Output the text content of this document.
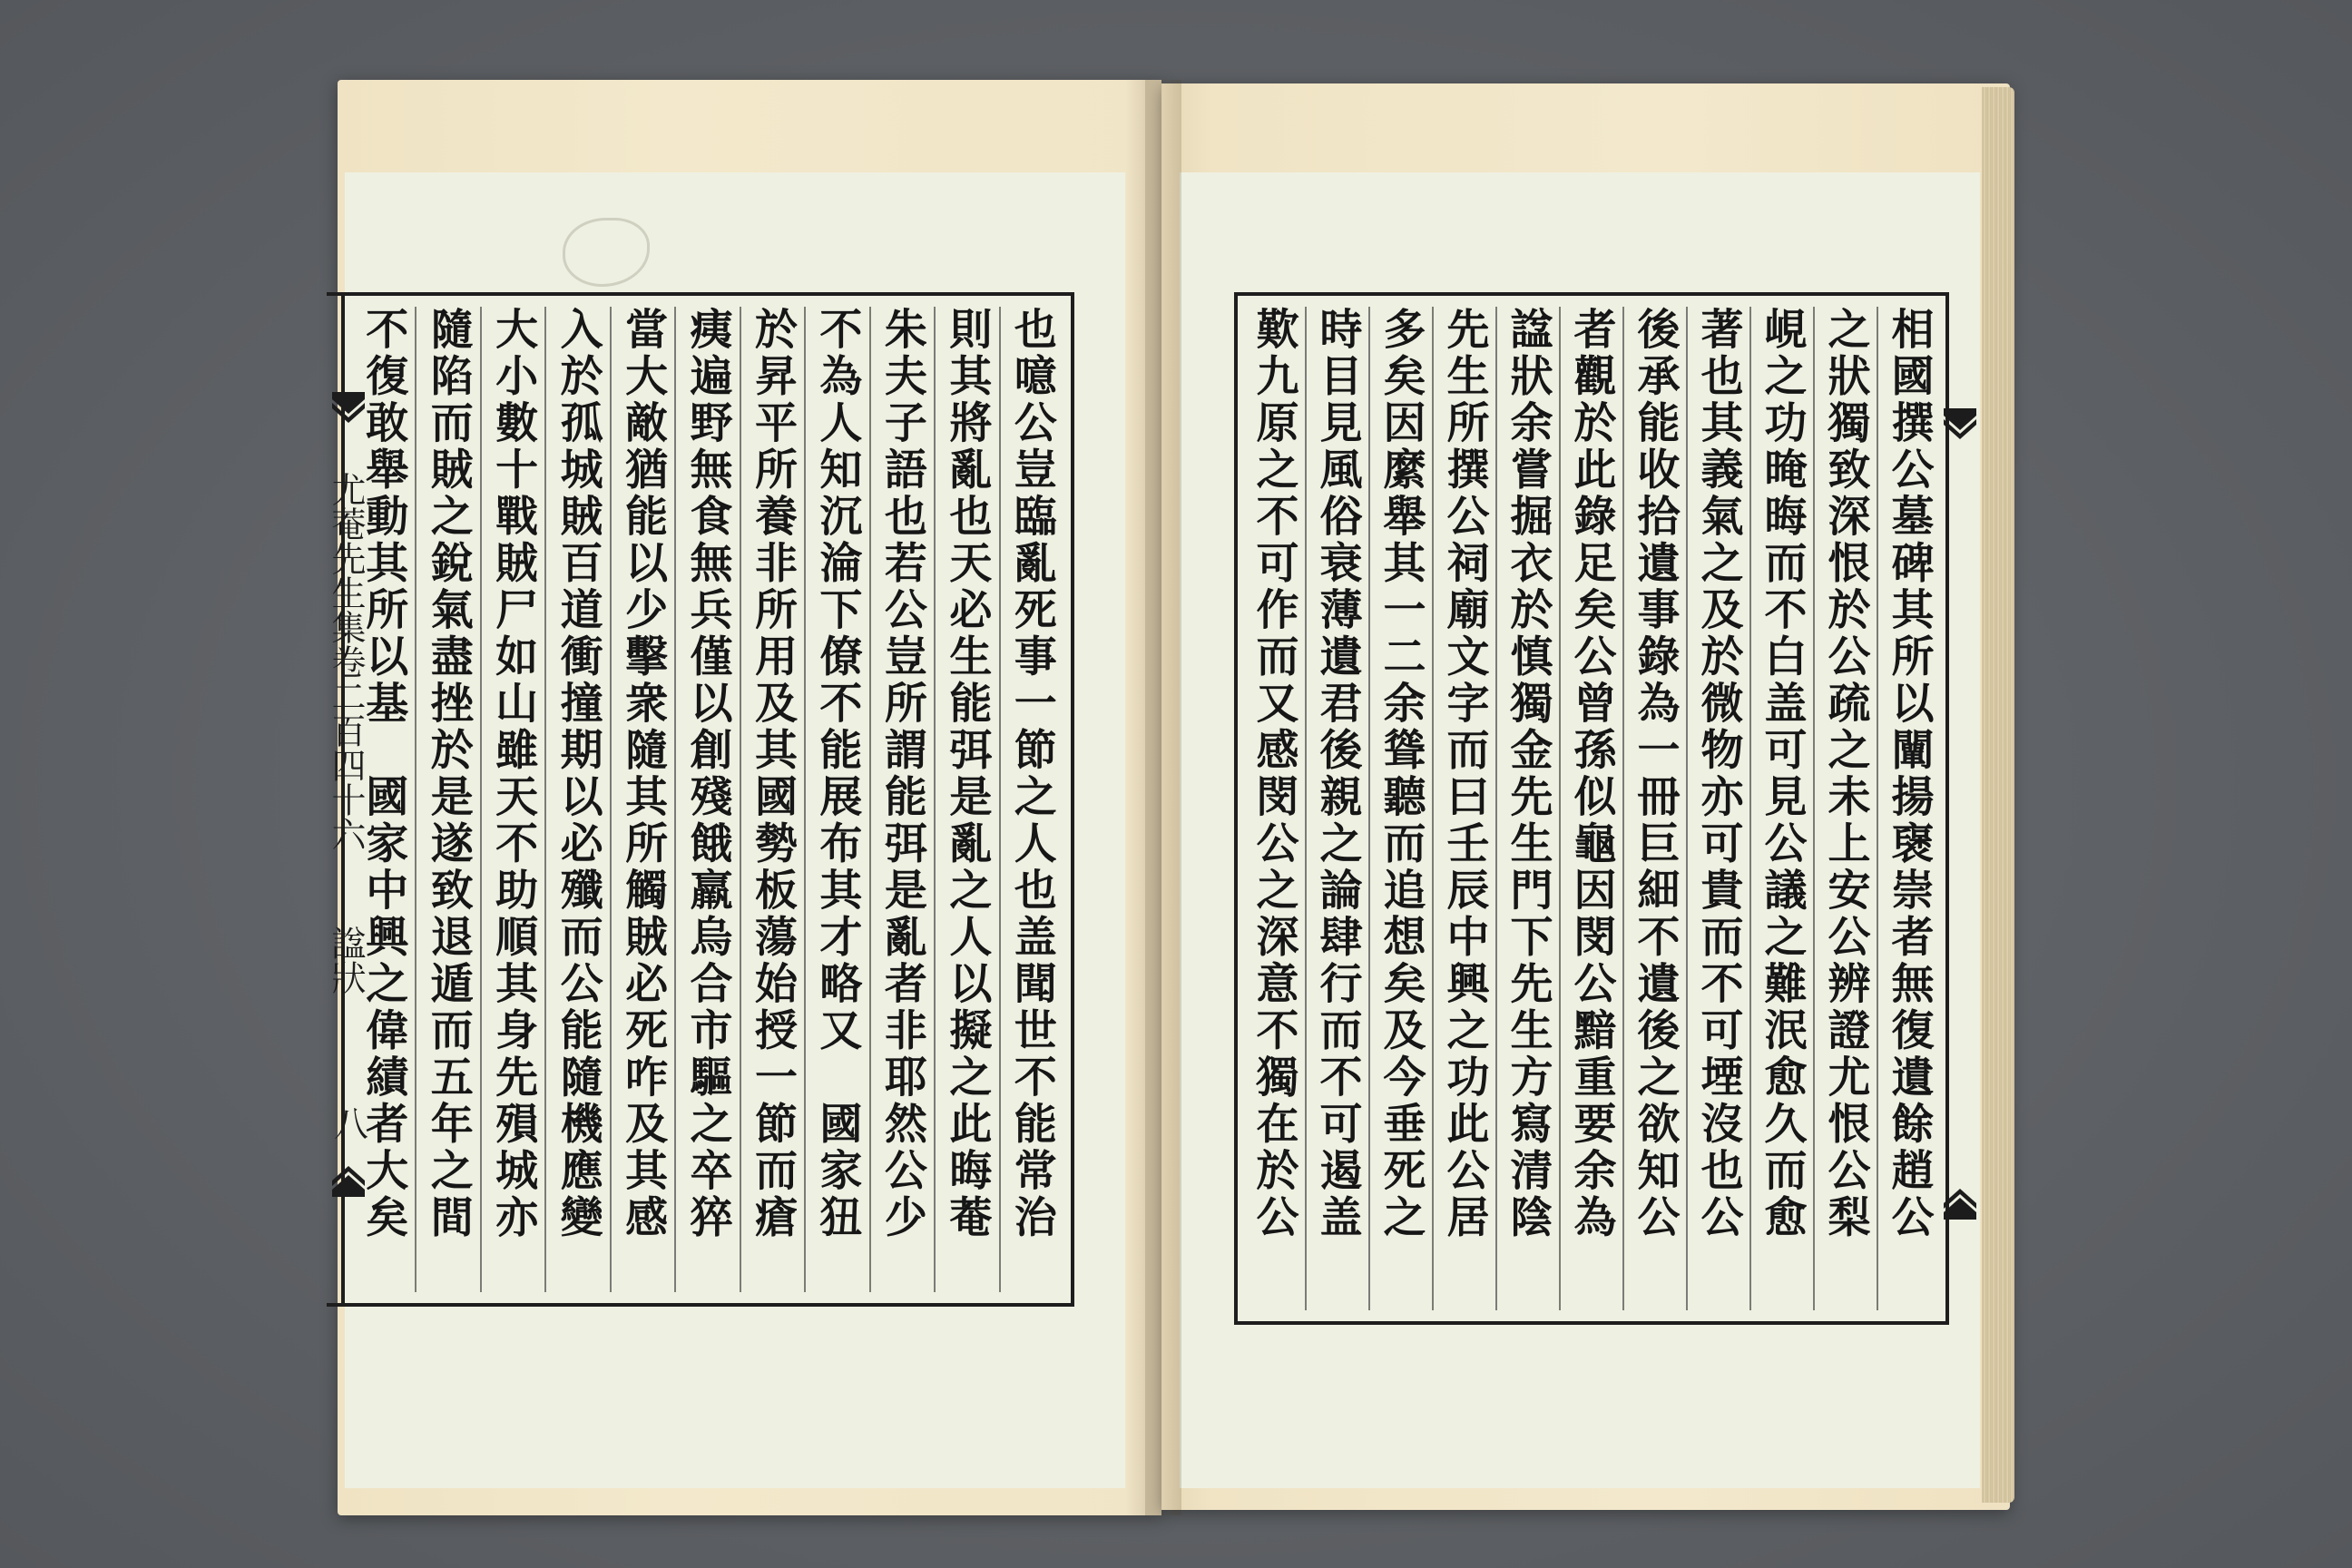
也噫公豈臨亂死事一節之人也盖聞世不能常治
則其將亂也天必生能弭是亂之人以擬之此晦菴
朱夫子語也若公豈所謂能弭是亂者非耶然公少
不為人知沉淪下僚不能展布其才略又　國家狃
於昇平所養非所用及其國勢板蕩始授一節而瘡
痍遍野無食無兵僅以創殘餓羸烏合市驅之卒猝
當大敵猶能以少擊衆隨其所觸賊必死咋及其感
入於孤城賊百道衝撞期以必殲而公能隨機應變
大小數十戰賊尸如山雖天不助順其身先殞城亦
隨陷而賊之銳氣盡挫於是遂致退遁而五年之間
不復敢舉動其所以基　國家中興之偉績者大矣
尤菴先生集卷二百四十六
諡狀
八	相國撰公墓碑其所以闡揚襃崇者無復遺餘趙公
之狀獨致深恨於公疏之未上安公辨證尤恨公梨
峴之功晻晦而不白盖可見公議之難泯愈久而愈
著也其義氣之及於微物亦可貴而不可堙沒也公
後承能收拾遺事錄為一冊巨細不遺後之欲知公
者觀於此錄足矣公曾孫似龜因閔公黯重要余為
諡狀余嘗掘衣於慎獨金先生門下先生方寫清陰
先生所撰公祠廟文字而曰壬辰中興之功此公居
多矣因縻舉其一二余聳聽而追想矣及今垂死之
時目見風俗衰薄遺君後親之論肆行而不可遏盖
歎九原之不可作而又感閔公之深意不獨在於公
